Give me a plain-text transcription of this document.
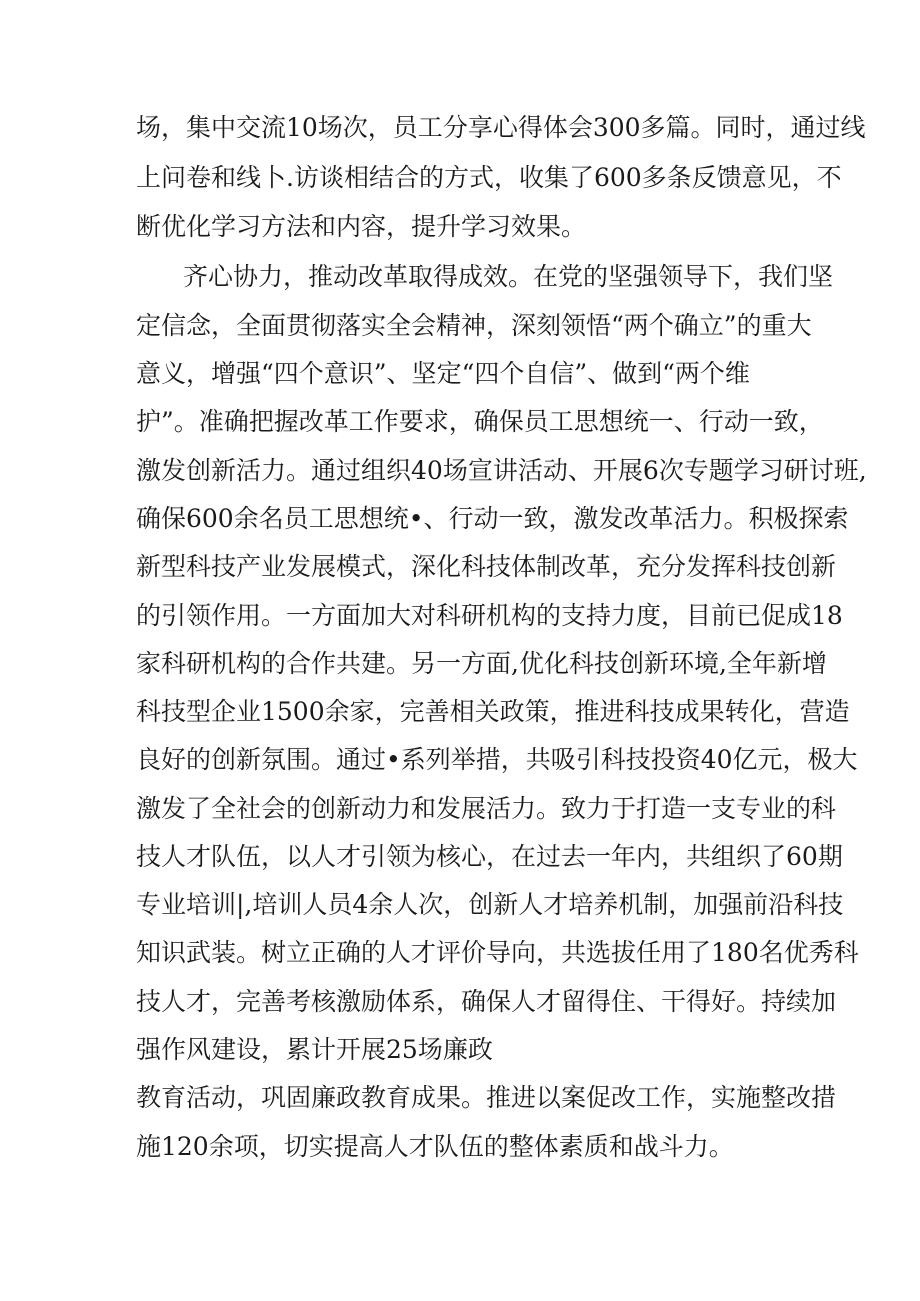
场，集中交流10场次，员工分享心得体会300多篇。同时，通过线
上问卷和线卜.访谈相结合的方式，收集了600多条反馈意见，不
断优化学习方法和内容，提升学习效果。
齐心协力，推动改革取得成效。在党的坚强领导下，我们坚
定信念，全面贯彻落实全会精神，深刻领悟“两个确立”的重大
意义，增强“四个意识”、坚定“四个自信”、做到“两个维
护”。准确把握改革工作要求，确保员工思想统一、行动一致，
激发创新活力。通过组织40场宣讲活动、开展6次专题学习研讨班,
确保600余名员工思想统•、行动一致，激发改革活力。积极探索
新型科技产业发展模式，深化科技体制改革，充分发挥科技创新
的引领作用。一方面加大对科研机构的支持力度，目前已促成18
家科研机构的合作共建。另一方面,优化科技创新环境,全年新增
科技型企业1500余家，完善相关政策，推进科技成果转化，营造
良好的创新氛围。通过•系列举措，共吸引科技投资40亿元，极大
激发了全社会的创新动力和发展活力。致力于打造一支专业的科
技人才队伍，以人才引领为核心，在过去一年内，共组织了60期
专业培训|,培训人员4余人次，创新人才培养机制，加强前沿科技
知识武装。树立正确的人才评价导向，共选拔任用了180名优秀科
技人才，完善考核激励体系，确保人才留得住、干得好。持续加
强作风建设，累计开展25场廉政
教育活动，巩固廉政教育成果。推进以案促改工作，实施整改措
施120余项，切实提高人才队伍的整体素质和战斗力。
